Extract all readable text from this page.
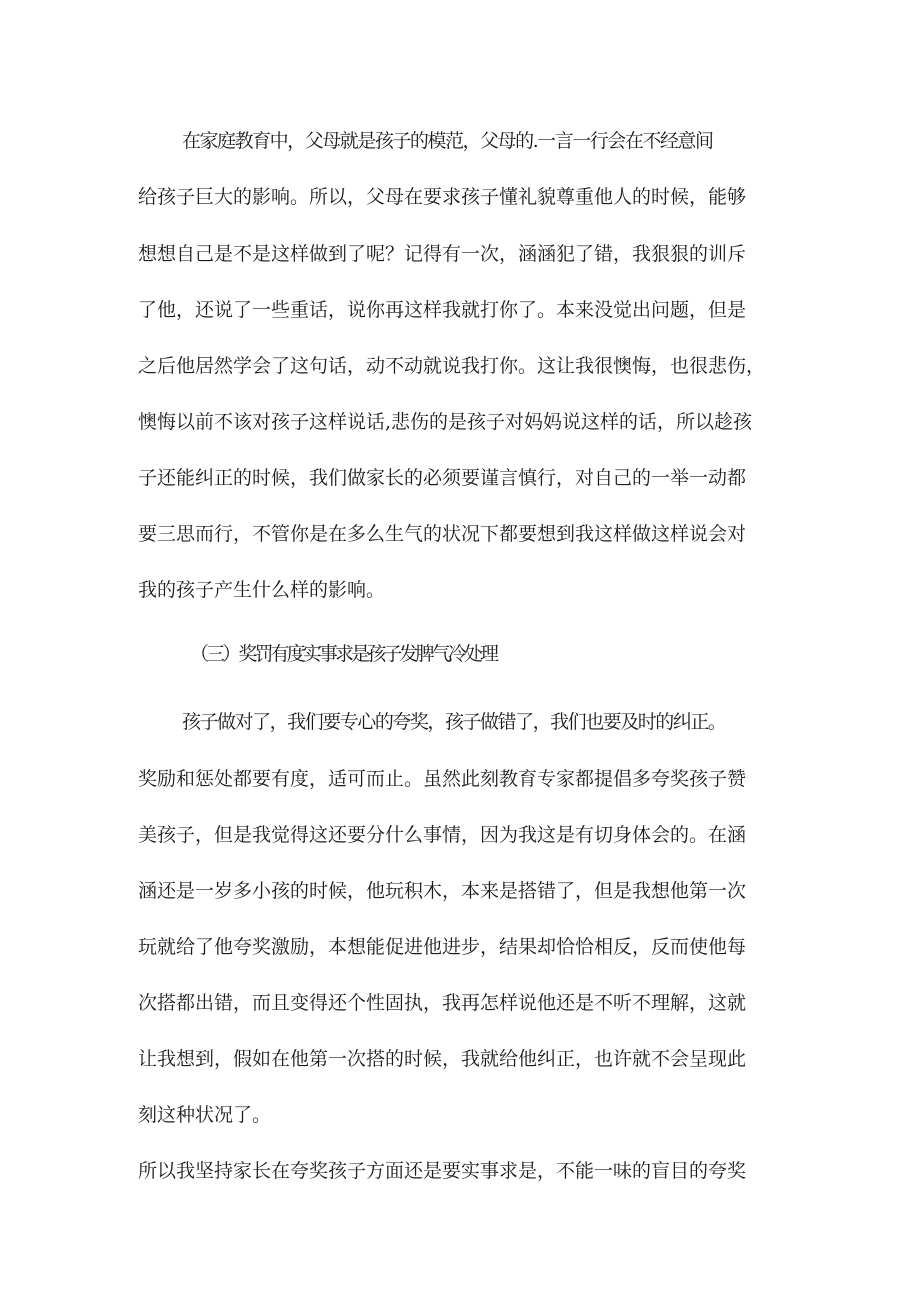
在家庭教育中，父母就是孩子的模范，父母的.一言一行会在不经意间
给孩子巨大的影响。所以，父母在要求孩子懂礼貌尊重他人的时候，能够
想想自己是不是这样做到了呢？记得有一次，涵涵犯了错，我狠狠的训斥
了他，还说了一些重话，说你再这样我就打你了。本来没觉出问题，但是
之后他居然学会了这句话，动不动就说我打你。这让我很懊悔，也很悲伤，
懊悔以前不该对孩子这样说话,悲伤的是孩子对妈妈说这样的话，所以趁孩
子还能纠正的时候，我们做家长的必须要谨言慎行，对自己的一举一动都
要三思而行，不管你是在多么生气的状况下都要想到我这样做这样说会对
我的孩子产生什么样的影响。
（三）奖罚有度实事求是孩子发脾气冷处理
孩子做对了，我们要专心的夸奖，孩子做错了，我们也要及时的纠正。
奖励和惩处都要有度，适可而止。虽然此刻教育专家都提倡多夸奖孩子赞
美孩子，但是我觉得这还要分什么事情，因为我这是有切身体会的。在涵
涵还是一岁多小孩的时候，他玩积木，本来是搭错了，但是我想他第一次
玩就给了他夸奖激励，本想能促进他进步，结果却恰恰相反，反而使他每
次搭都出错，而且变得还个性固执，我再怎样说他还是不听不理解，这就
让我想到，假如在他第一次搭的时候，我就给他纠正，也许就不会呈现此
刻这种状况了。
所以我坚持家长在夸奖孩子方面还是要实事求是，不能一味的盲目的夸奖
